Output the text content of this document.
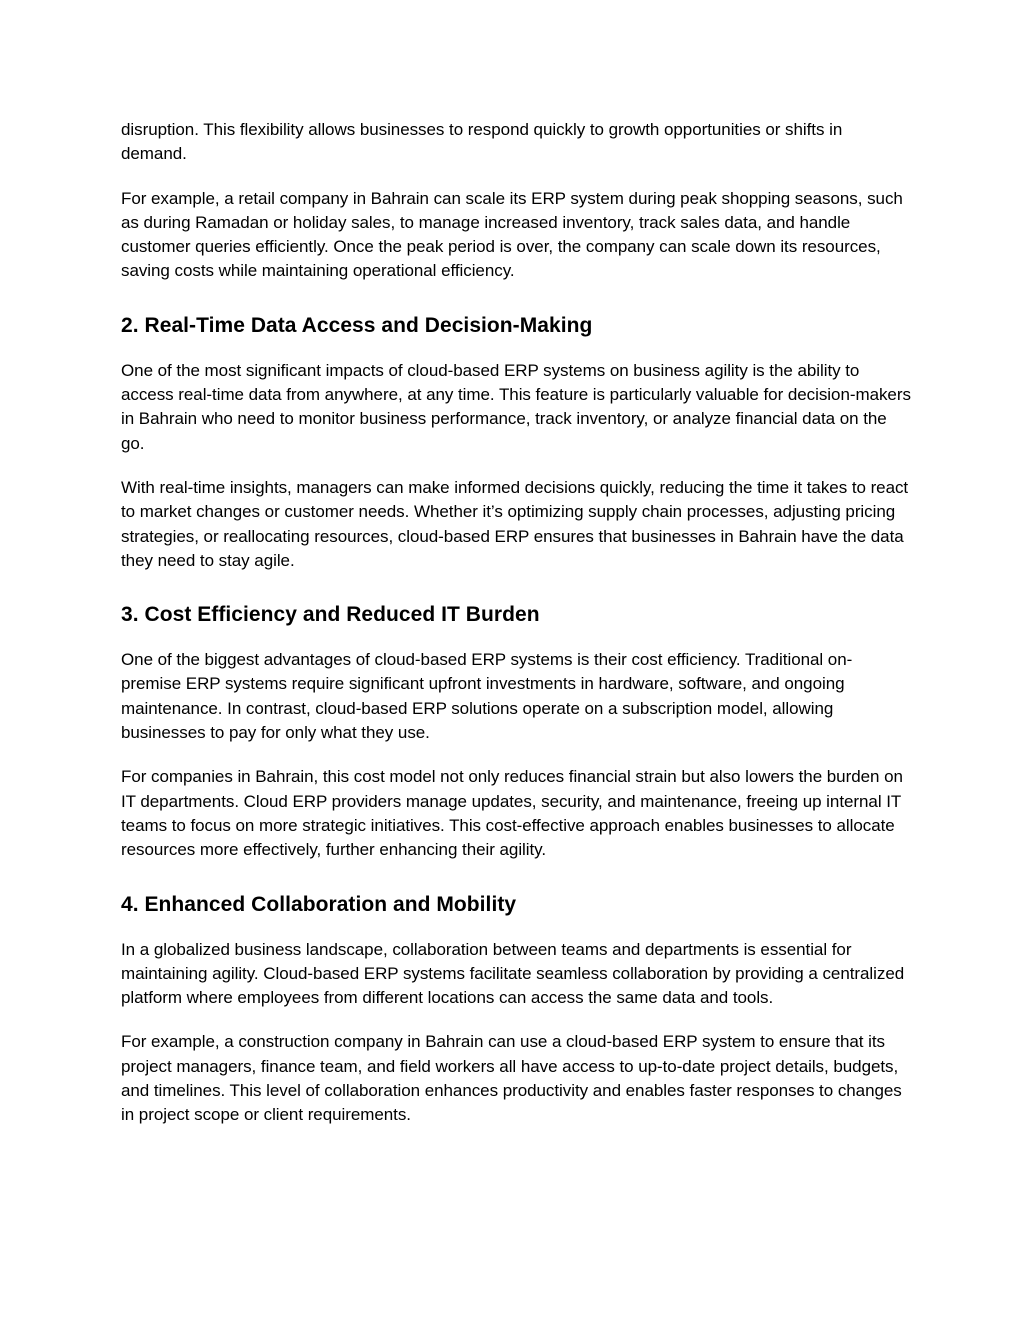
disruption. This flexibility allows businesses to respond quickly to growth opportunities or shifts in demand.

For example, a retail company in Bahrain can scale its ERP system during peak shopping seasons, such as during Ramadan or holiday sales, to manage increased inventory, track sales data, and handle customer queries efficiently. Once the peak period is over, the company can scale down its resources, saving costs while maintaining operational efficiency.

2. Real-Time Data Access and Decision-Making

One of the most significant impacts of cloud-based ERP systems on business agility is the ability to access real-time data from anywhere, at any time. This feature is particularly valuable for decision-makers in Bahrain who need to monitor business performance, track inventory, or analyze financial data on the go.

With real-time insights, managers can make informed decisions quickly, reducing the time it takes to react to market changes or customer needs. Whether it’s optimizing supply chain processes, adjusting pricing strategies, or reallocating resources, cloud-based ERP ensures that businesses in Bahrain have the data they need to stay agile.

3. Cost Efficiency and Reduced IT Burden

One of the biggest advantages of cloud-based ERP systems is their cost efficiency. Traditional on-premise ERP systems require significant upfront investments in hardware, software, and ongoing maintenance. In contrast, cloud-based ERP solutions operate on a subscription model, allowing businesses to pay for only what they use.

For companies in Bahrain, this cost model not only reduces financial strain but also lowers the burden on IT departments. Cloud ERP providers manage updates, security, and maintenance, freeing up internal IT teams to focus on more strategic initiatives. This cost-effective approach enables businesses to allocate resources more effectively, further enhancing their agility.

4. Enhanced Collaboration and Mobility

In a globalized business landscape, collaboration between teams and departments is essential for maintaining agility. Cloud-based ERP systems facilitate seamless collaboration by providing a centralized platform where employees from different locations can access the same data and tools.

For example, a construction company in Bahrain can use a cloud-based ERP system to ensure that its project managers, finance team, and field workers all have access to up-to-date project details, budgets, and timelines. This level of collaboration enhances productivity and enables faster responses to changes in project scope or client requirements.
